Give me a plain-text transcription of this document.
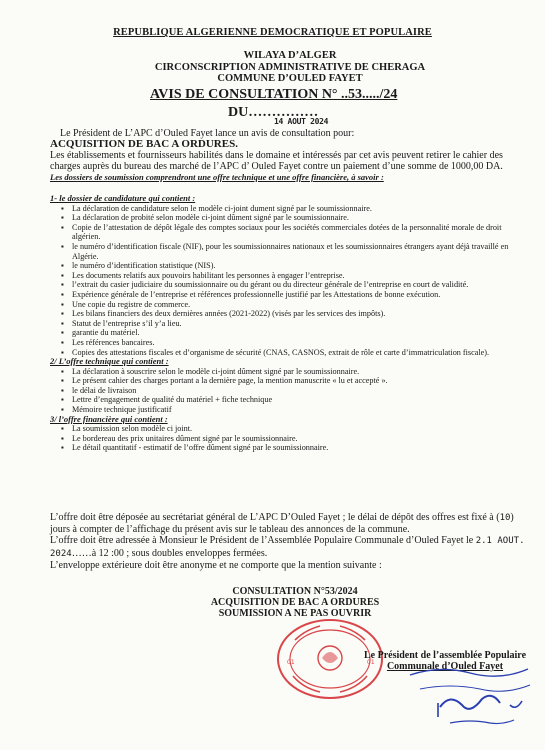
REPUBLIQUE ALGERIENNE DEMOCRATIQUE ET POPULAIRE
WILAYA D’ALGER
CIRCONSCRIPTION ADMINISTRATIVE DE CHERAGA
COMMUNE D’OULED FAYET
AVIS DE CONSULTATION N° ..53...../24
DU……………
14 AOUT 2024
Le Président de L’APC d’Ouled Fayet lance un avis de consultation pour:
ACQUISITION DE BAC A ORDURES.
Les établissements et fournisseurs habilités dans le domaine et intéressés par cet avis peuvent retirer le cahier des charges auprès du bureau des marché de l’APC d’ Ouled Fayet contre un paiement d’une somme de 1000,00 DA.
Les dossiers de soumission comprendront une offre technique et une offre financière, à savoir :
1- le dossier de candidature qui contient :
▪ La déclaration de candidature selon le modèle ci-joint dument signé par le soumissionnaire.
▪ La déclaration de probité selon modèle ci-joint dûment signé par le soumissionnaire.
▪ Copie de l’attestation de dépôt légale des comptes sociaux pour les sociétés commerciales dotées de la personnalité morale de droit algérien.
▪ le numéro d’identification fiscale (NIF), pour les soumissionnaires nationaux et les soumissionnaires étrangers ayant déjà travaillé en Algérie.
▪ le numéro d’identification statistique (NIS).
▪ Les documents relatifs aux pouvoirs habilitant les personnes à engager l’entreprise.
▪ l’extrait du casier judiciaire du soumissionnaire ou du gérant ou du directeur générale de l’entreprise en court de validité.
▪ Expérience générale de l’entreprise et références professionnelle justifié par les Attestations de bonne exécution.
▪ Une copie du registre de commerce.
▪ Les bilans financiers des deux dernières années (2021-2022) (visés par les services des impôts).
▪ Statut de l’entreprise s’il y’a lieu.
▪ garantie du matériel.
▪ Les références bancaires.
▪ Copies des attestations fiscales et d’organisme de sécurité (CNAS, CASNOS, extrait de rôle et carte d’immatriculation fiscale).
2/ L’offre technique qui contient :
▪ La déclaration à souscrire selon le modèle ci-joint dûment signé par le soumissionnaire.
▪ Le présent cahier des charges portant a la dernière page, la mention manuscrite « lu et accepté ».
▪ le délai de livraison
▪ Lettre d’engagement de qualité du matériel + fiche technique
▪ Mémoire technique justificatif
3/ l’offre financière qui contient :
▪ La soumission selon modèle ci joint.
▪ Le bordereau des prix unitaires dûment signé par le soumissionnaire.
▪ Le détail quantitatif - estimatif de l’offre dûment signé par le soumissionnaire.
L’offre doit être déposée au secrétariat général de L’APC D’Ouled Fayet ; le délai de dépôt des offres est fixé à (10) jours à compter de l’affichage du présent avis sur le tableau des annonces de la commune.
L’offre doit être adressée à Monsieur le Président de l’Assemblée Populaire Communale d’Ouled Fayet le 2.1 AOUT. 2024……à 12 :00 ; sous doubles enveloppes fermées.
L’enveloppe extérieure doit être anonyme et ne comporte que la mention suivante :
CONSULTATION N°53/2024
ACQUISITION DE BAC A ORDURES
SOUMISSION A NE PAS OUVRIR
01	01
Le Président de l’assemblée Populaire
Communale d’Ouled Fayet
